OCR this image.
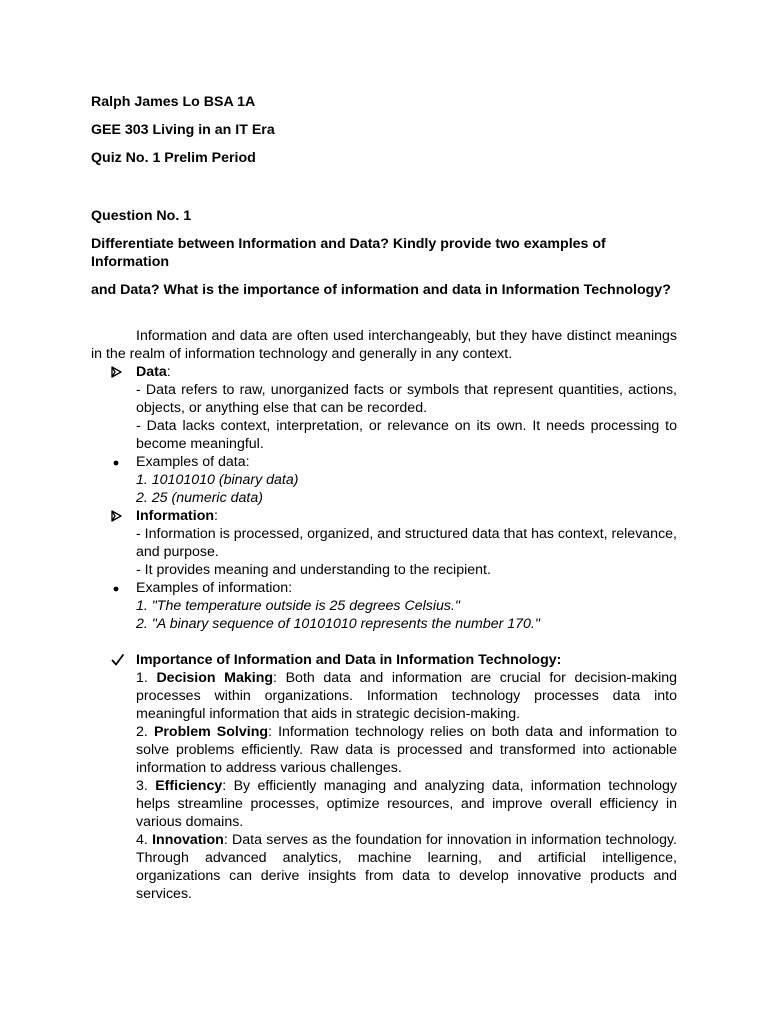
Ralph James Lo BSA 1A
GEE 303 Living in an IT Era
Quiz No. 1 Prelim Period
Question No. 1
Differentiate between Information and Data? Kindly provide two examples of Information
and Data? What is the importance of information and data in Information Technology?
Information and data are often used interchangeably, but they have distinct meanings in the realm of information technology and generally in any context.

Data:

- Data refers to raw, unorganized facts or symbols that represent quantities, actions, objects, or anything else that can be recorded.

- Data lacks context, interpretation, or relevance on its own. It needs processing to become meaningful.

Examples of data:

1. 10101010 (binary data)

2. 25 (numeric data)

Information:

- Information is processed, organized, and structured data that has context, relevance, and purpose.

- It provides meaning and understanding to the recipient.

Examples of information:

1. "The temperature outside is 25 degrees Celsius."

2. "A binary sequence of 10101010 represents the number 170."

Importance of Information and Data in Information Technology:

1. Decision Making: Both data and information are crucial for decision-making processes within organizations. Information technology processes data into meaningful information that aids in strategic decision-making.

2. Problem Solving: Information technology relies on both data and information to solve problems efficiently. Raw data is processed and transformed into actionable information to address various challenges.

3. Efficiency: By efficiently managing and analyzing data, information technology helps streamline processes, optimize resources, and improve overall efficiency in various domains.

4. Innovation: Data serves as the foundation for innovation in information technology. Through advanced analytics, machine learning, and artificial intelligence, organizations can derive insights from data to develop innovative products and services.
